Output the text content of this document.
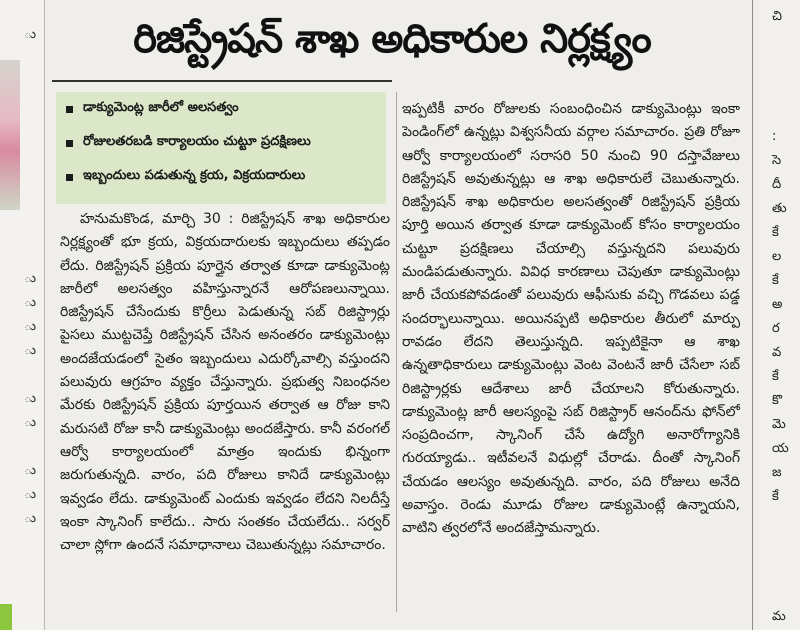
ు
ు
ు
ు
ు
ు
ు
ు
ు
ు
రిజిస్ట్రేషన్ శాఖ అధికారుల నిర్లక్ష్యం
డాక్యుమెంట్ల జారీలో అలసత్వం
రోజులతరబడి కార్యాలయం చుట్టూ ప్రదక్షిణలు
ఇబ్బందులు పడుతున్న క్రయ, విక్రయదారులు

హనుమకొండ, మార్చి 30 : రిజిస్ట్రేషన్ శాఖ అధికారుల నిర్లక్ష్యంతో భూ క్రయ, విక్రయదారులకు ఇబ్బందులు తప్పడం లేదు. రిజిస్ట్రేషన్ ప్రక్రియ పూర్తైన తర్వాత కూడా డాక్యుమెంట్ల జారీలో అలసత్వం వహిస్తున్నారనే ఆరోపణలున్నాయి. రిజిస్ట్రేషన్ చేసేందుకు కొర్రీలు పెడుతున్న సబ్ రిజిస్ట్రార్లు పైసలు ముట్టచెప్తే రిజిస్ట్రేషన్ చేసిన అనంతరం డాక్యుమెంట్లు అందజేయడంలో సైతం ఇబ్బందులు ఎదుర్కోవాల్సి వస్తుందని పలువురు ఆగ్రహం వ్యక్తం చేస్తున్నారు. ప్రభుత్వ నిబంధనల మేరకు రిజిస్ట్రేషన్ ప్రక్రియ పూర్తయిన తర్వాత ఆ రోజు కాని మరుసటి రోజు కానీ డాక్యుమెంట్లు అందజేస్తారు. కానీ వరంగల్ ఆర్వో కార్యాలయంలో మాత్రం ఇందుకు భిన్నంగా జరుగుతున్నది. వారం, పది రోజులు కానిదే డాక్యుమెంట్లు ఇవ్వడం లేదు. డాక్యుమెంట్ ఎందుకు ఇవ్వడం లేదని నిలదీస్తే ఇంకా స్కానింగ్ కాలేదు.. సారు సంతకం చేయలేదు.. సర్వర్ చాలా స్లోగా ఉందనే సమాధానాలు చెబుతున్నట్లు సమాచారం.

ఇప్పటికీ వారం రోజులకు సంబంధించిన డాక్యుమెంట్లు ఇంకా పెండింగ్‌లో ఉన్నట్లు విశ్వసనీయ వర్గాల సమాచారం. ప్రతి రోజూ ఆర్వో కార్యాలయంలో సరాసరి 50 నుంచి 90 దస్తావేజులు రిజిస్ట్రేషన్ అవుతున్నట్లు ఆ శాఖ అధికారులే చెబుతున్నారు. రిజిస్ట్రేషన్ శాఖ అధికారుల అలసత్వంతో రిజిస్ట్రేషన్ ప్రక్రియ పూర్తి అయిన తర్వాత కూడా డాక్యుమెంట్ కోసం కార్యాలయం చుట్టూ ప్రదక్షిణలు చేయాల్సి వస్తున్నదని పలువురు మండిపడుతున్నారు. వివిధ కారణాలు చెపుతూ డాక్యుమెంట్లు జారీ చేయకపోవడంతో పలువురు ఆఫీసుకు వచ్చి గొడవలు పడ్డ సందర్భాలున్నాయి. అయినప్పటి అధికారుల తీరులో మార్పు రావడం లేదని తెలుస్తున్నది. ఇప్పటికైనా ఆ శాఖ ఉన్నతాధికారులు డాక్యుమెంట్లు వెంట వెంటనే జారీ చేసేలా సబ్ రిజిస్ట్రార్లకు ఆదేశాలు జారీ చేయాలని కోరుతున్నారు. డాక్యుమెంట్ల జారీ ఆలస్యంపై సబ్ రిజిస్ట్రార్ ఆనంద్‌ను ఫోన్‌లో సంప్రదించగా, స్కానింగ్ చేసే ఉద్యోగి అనారోగ్యానికి గురయ్యాడు.. ఇటీవలనే విధుల్లో చేరాడు. దీంతో స్కానింగ్ చేయడం ఆలస్యం అవుతున్నది. వారం, పది రోజులు అనేది అవాస్తం. రెండు మూడు రోజుల డాక్యుమెంట్లే ఉన్నాయని, వాటిని త్వరలోనే అందజేస్తామన్నారు.

చి
:
సె
దీ
తు
కే
ల
కే
అ
ర
వ
కే
కొ
మె
య
జ
కే
మ
